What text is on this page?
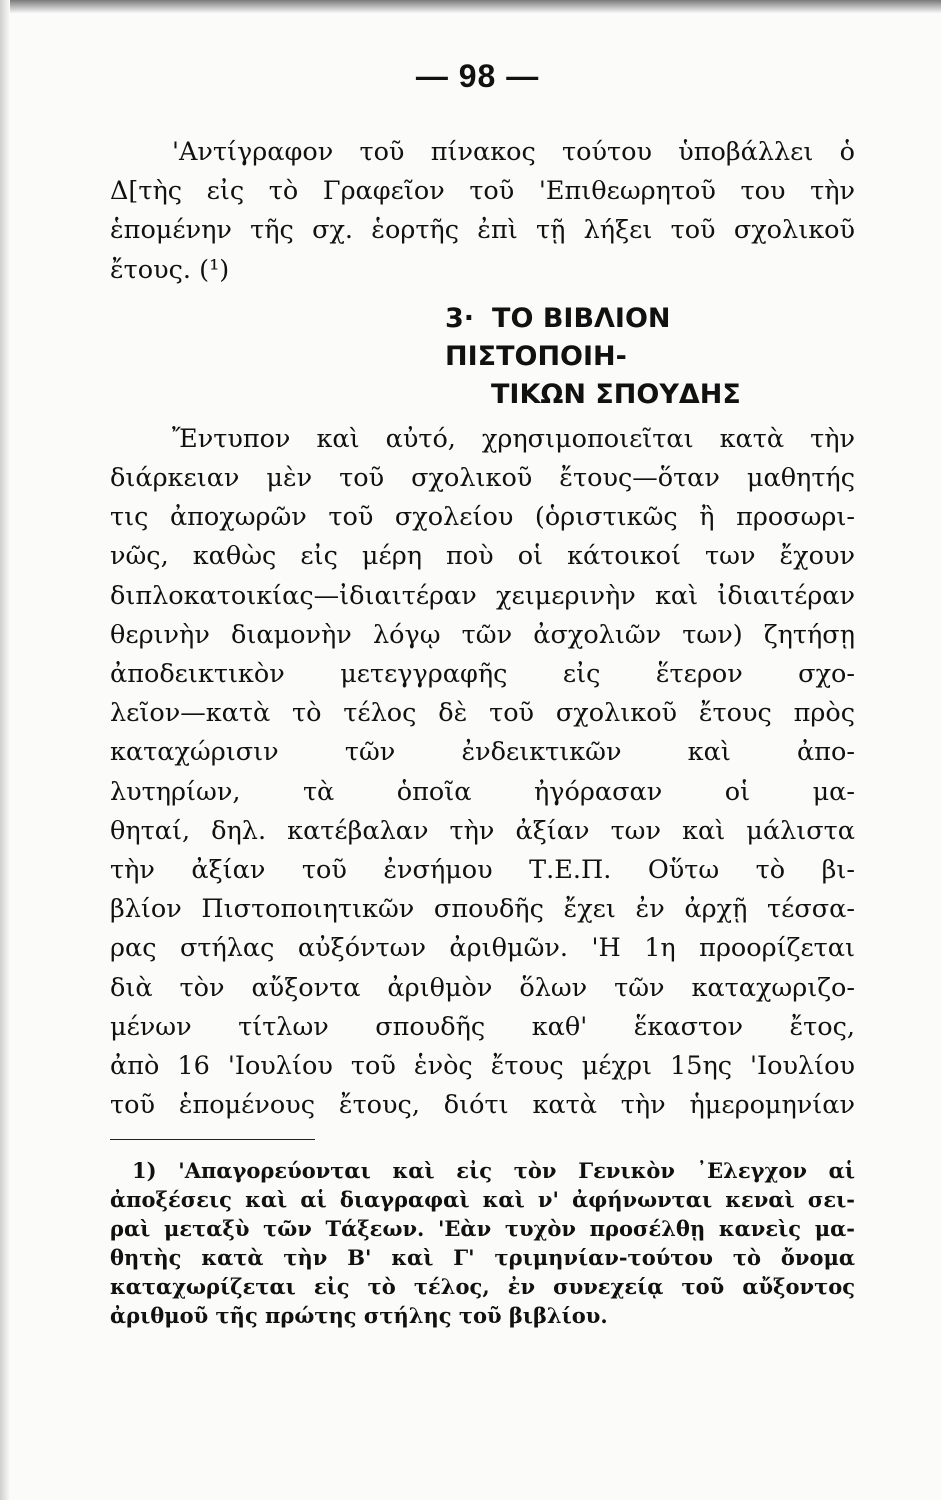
— 98 —
'Αντίγραφον τοῦ πίνακος τούτου ὑποβάλλει ὁ
Δ[τὴς εἰς τὸ Γραφεῖον τοῦ 'Επιθεωρητοῦ του τὴν
ἑπομένην τῆς σχ. ἑορτῆς ἐπὶ τῇ λήξει τοῦ σχολικοῦ
ἔτους. (¹)
3· ΤΟ ΒΙΒΛΙΟΝ ΠΙΣΤΟΠΟΙΗ-
ΤΙΚΩΝ ΣΠΟΥΔΗΣ
Ἔντυπον καὶ αὐτό, χρησιμοποιεῖται κατὰ τὴν
διάρκειαν μὲν τοῦ σχολικοῦ ἔτους—ὅταν μαθητής
τις ἀποχωρῶν τοῦ σχολείου (ὁριστικῶς ἢ προσωρι-
νῶς, καθὼς εἰς μέρη ποὺ οἱ κάτοικοί των ἔχουν
διπλοκατοικίας—ἰδιαιτέραν χειμερινὴν καὶ ἰδιαιτέραν
θερινὴν διαμονὴν λόγῳ τῶν ἀσχολιῶν των) ζητήσῃ
ἀποδεικτικὸν μετεγγραφῆς εἰς ἕτερον σχο-
λεῖον—κατὰ τὸ τέλος δὲ τοῦ σχολικοῦ ἔτους πρὸς
καταχώρισιν τῶν ἐνδεικτικῶν καὶ ἀπο-
λυτηρίων, τὰ ὁποῖα ἠγόρασαν οἱ μα-
θηταί, δηλ. κατέβαλαν τὴν ἀξίαν των καὶ μάλιστα
τὴν ἀξίαν τοῦ ἐνσήμου Τ.Ε.Π. Οὕτω τὸ βι-
βλίον Πιστοποιητικῶν σπουδῆς ἔχει ἐν ἀρχῇ τέσσα-
ρας στήλας αὐξόντων ἀριθμῶν. 'Η 1η προορίζεται
διὰ τὸν αὔξοντα ἀριθμὸν ὅλων τῶν καταχωριζο-
μένων τίτλων σπουδῆς καθ' ἕκαστον ἔτος,
ἀπὸ 16 'Ιουλίου τοῦ ἑνὸς ἔτους μέχρι 15ης 'Ιουλίου
τοῦ ἑπομένους ἔτους, διότι κατὰ τὴν ἡμερομηνίαν
1) 'Απαγορεύονται καὶ εἰς τὸν Γενικὸν ᾿Ελεγχον αἱ
ἀποξέσεις καὶ αἱ διαγραφαὶ καὶ ν' ἀφήνωνται κεναὶ σει-
ραὶ μεταξὺ τῶν Τάξεων. 'Εὰν τυχὸν προσέλθῃ κανεὶς μα-
θητὴς κατὰ τὴν Β' καὶ Γ' τριμηνίαν-τούτου τὸ ὄνομα
καταχωρίζεται εἰς τὸ τέλος, ἐν συνεχείᾳ τοῦ αὔξοντος
ἀριθμοῦ τῆς πρώτης στήλης τοῦ βιβλίου.
